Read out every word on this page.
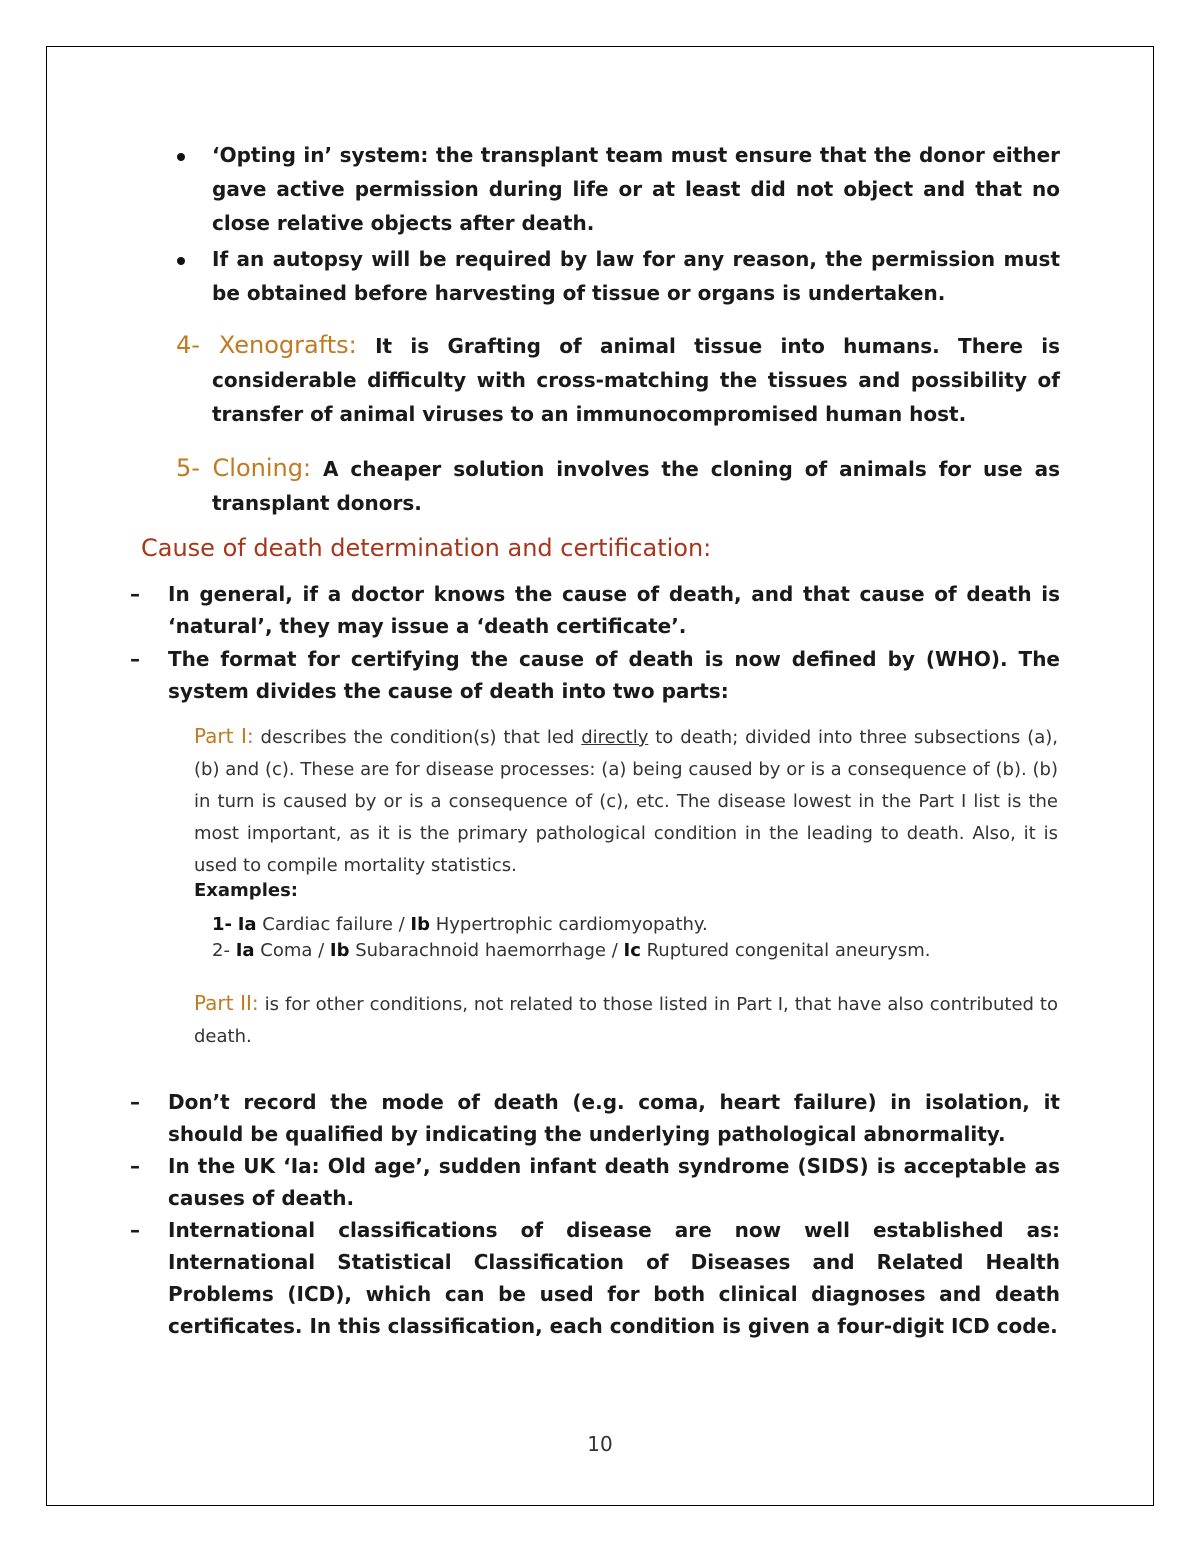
‘Opting in’ system: the transplant team must ensure that the donor either gave active permission during life or at least did not object and that no close relative objects after death.
If an autopsy will be required by law for any reason, the permission must be obtained before harvesting of tissue or organs is undertaken.
4- Xenografts: It is Grafting of animal tissue into humans. There is considerable difficulty with cross-matching the tissues and possibility of transfer of animal viruses to an immunocompromised human host.
5- Cloning: A cheaper solution involves the cloning of animals for use as transplant donors.
Cause of death determination and certification:
–	In general, if a doctor knows the cause of death, and that cause of death is ‘natural’, they may issue a ‘death certificate’.
–	The format for certifying the cause of death is now defined by (WHO). The system divides the cause of death into two parts:
Part I: describes the condition(s) that led directly to death; divided into three subsections (a), (b) and (c). These are for disease processes: (a) being caused by or is a consequence of (b). (b) in turn is caused by or is a consequence of (c), etc. The disease lowest in the Part I list is the most important, as it is the primary pathological condition in the leading to death. Also, it is used to compile mortality statistics.
Examples:
1- Ia Cardiac failure / Ib Hypertrophic cardiomyopathy.
2- Ia Coma / Ib Subarachnoid haemorrhage / Ic Ruptured congenital aneurysm.
Part II: is for other conditions, not related to those listed in Part I, that have also contributed to death.
–	Don’t record the mode of death (e.g. coma, heart failure) in isolation, it should be qualified by indicating the underlying pathological abnormality.
–	In the UK ‘Ia: Old age’, sudden infant death syndrome (SIDS) is acceptable as causes of death.
–	International classifications of disease are now well established as: International Statistical Classification of Diseases and Related Health Problems (ICD), which can be used for both clinical diagnoses and death certificates. In this classification, each condition is given a four-digit ICD code.
10
